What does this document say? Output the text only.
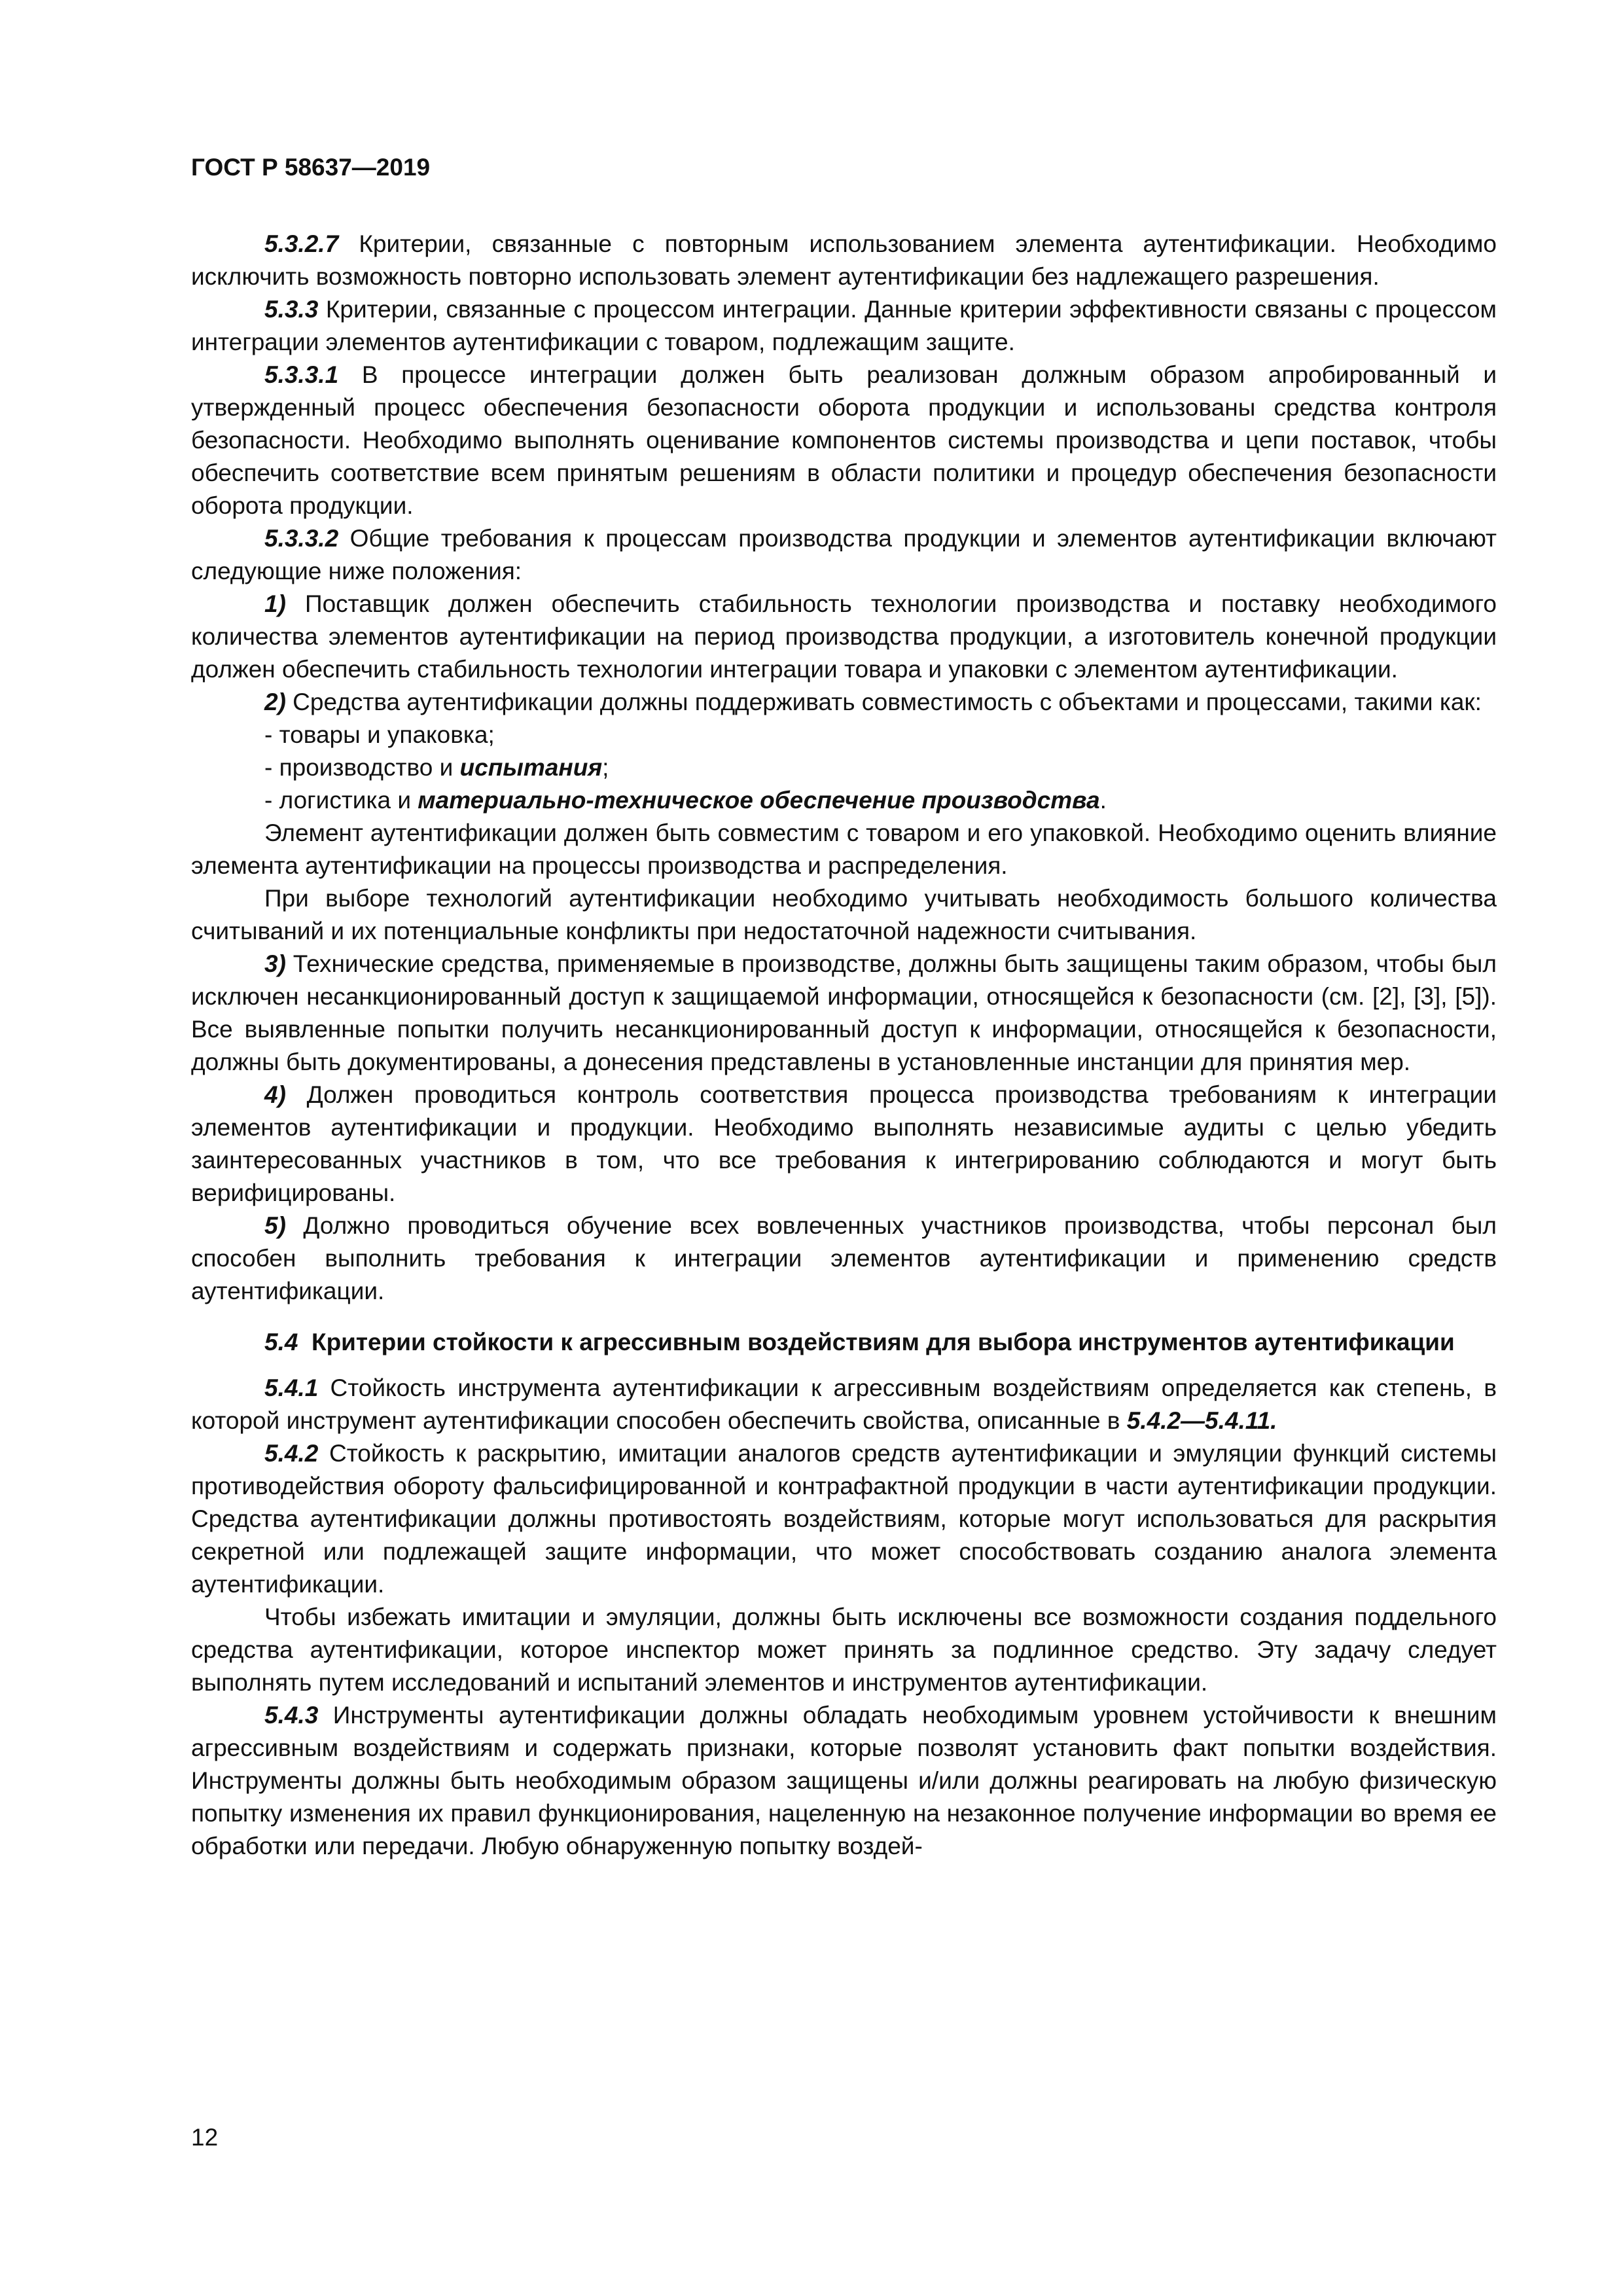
ГОСТ Р 58637—2019

5.3.2.7 Критерии, связанные с повторным использованием элемента аутентификации. Необходимо исключить возможность повторно использовать элемент аутентификации без надлежащего разрешения.

5.3.3 Критерии, связанные с процессом интеграции. Данные критерии эффективности связаны с процессом интеграции элементов аутентификации с товаром, подлежащим защите.

5.3.3.1 В процессе интеграции должен быть реализован должным образом апробированный и утвержденный процесс обеспечения безопасности оборота продукции и использованы средства контроля безопасности. Необходимо выполнять оценивание компонентов системы производства и цепи поставок, чтобы обеспечить соответствие всем принятым решениям в области политики и процедур обеспечения безопасности оборота продукции.

5.3.3.2 Общие требования к процессам производства продукции и элементов аутентификации включают следующие ниже положения:

1) Поставщик должен обеспечить стабильность технологии производства и поставку необходимого количества элементов аутентификации на период производства продукции, а изготовитель конечной продукции должен обеспечить стабильность технологии интеграции товара и упаковки с элементом аутентификации.

2) Средства аутентификации должны поддерживать совместимость с объектами и процессами, такими как:

- товары и упаковка;

- производство и испытания;

- логистика и материально-техническое обеспечение производства.

Элемент аутентификации должен быть совместим с товаром и его упаковкой. Необходимо оценить влияние элемента аутентификации на процессы производства и распределения.

При выборе технологий аутентификации необходимо учитывать необходимость большого количества считываний и их потенциальные конфликты при недостаточной надежности считывания.

3) Технические средства, применяемые в производстве, должны быть защищены таким образом, чтобы был исключен несанкционированный доступ к защищаемой информации, относящейся к безопасности (см. [2], [3], [5]). Все выявленные попытки получить несанкционированный доступ к информации, относящейся к безопасности, должны быть документированы, а донесения представлены в установленные инстанции для принятия мер.

4) Должен проводиться контроль соответствия процесса производства требованиям к интеграции элементов аутентификации и продукции. Необходимо выполнять независимые аудиты с целью убедить заинтересованных участников в том, что все требования к интегрированию соблюдаются и могут быть верифицированы.

5) Должно проводиться обучение всех вовлеченных участников производства, чтобы персонал был способен выполнить требования к интеграции элементов аутентификации и применению средств аутентификации.

5.4 Критерии стойкости к агрессивным воздействиям для выбора инструментов аутентификации

5.4.1 Стойкость инструмента аутентификации к агрессивным воздействиям определяется как степень, в которой инструмент аутентификации способен обеспечить свойства, описанные в 5.4.2—5.4.11.

5.4.2 Стойкость к раскрытию, имитации аналогов средств аутентификации и эмуляции функций системы противодействия обороту фальсифицированной и контрафактной продукции в части аутентификации продукции. Средства аутентификации должны противостоять воздействиям, которые могут использоваться для раскрытия секретной или подлежащей защите информации, что может способствовать созданию аналога элемента аутентификации.

Чтобы избежать имитации и эмуляции, должны быть исключены все возможности создания поддельного средства аутентификации, которое инспектор может принять за подлинное средство. Эту задачу следует выполнять путем исследований и испытаний элементов и инструментов аутентификации.

5.4.3 Инструменты аутентификации должны обладать необходимым уровнем устойчивости к внешним агрессивным воздействиям и содержать признаки, которые позволят установить факт попытки воздействия. Инструменты должны быть необходимым образом защищены и/или должны реагировать на любую физическую попытку изменения их правил функционирования, нацеленную на незаконное получение информации во время ее обработки или передачи. Любую обнаруженную попытку воздей-

12
